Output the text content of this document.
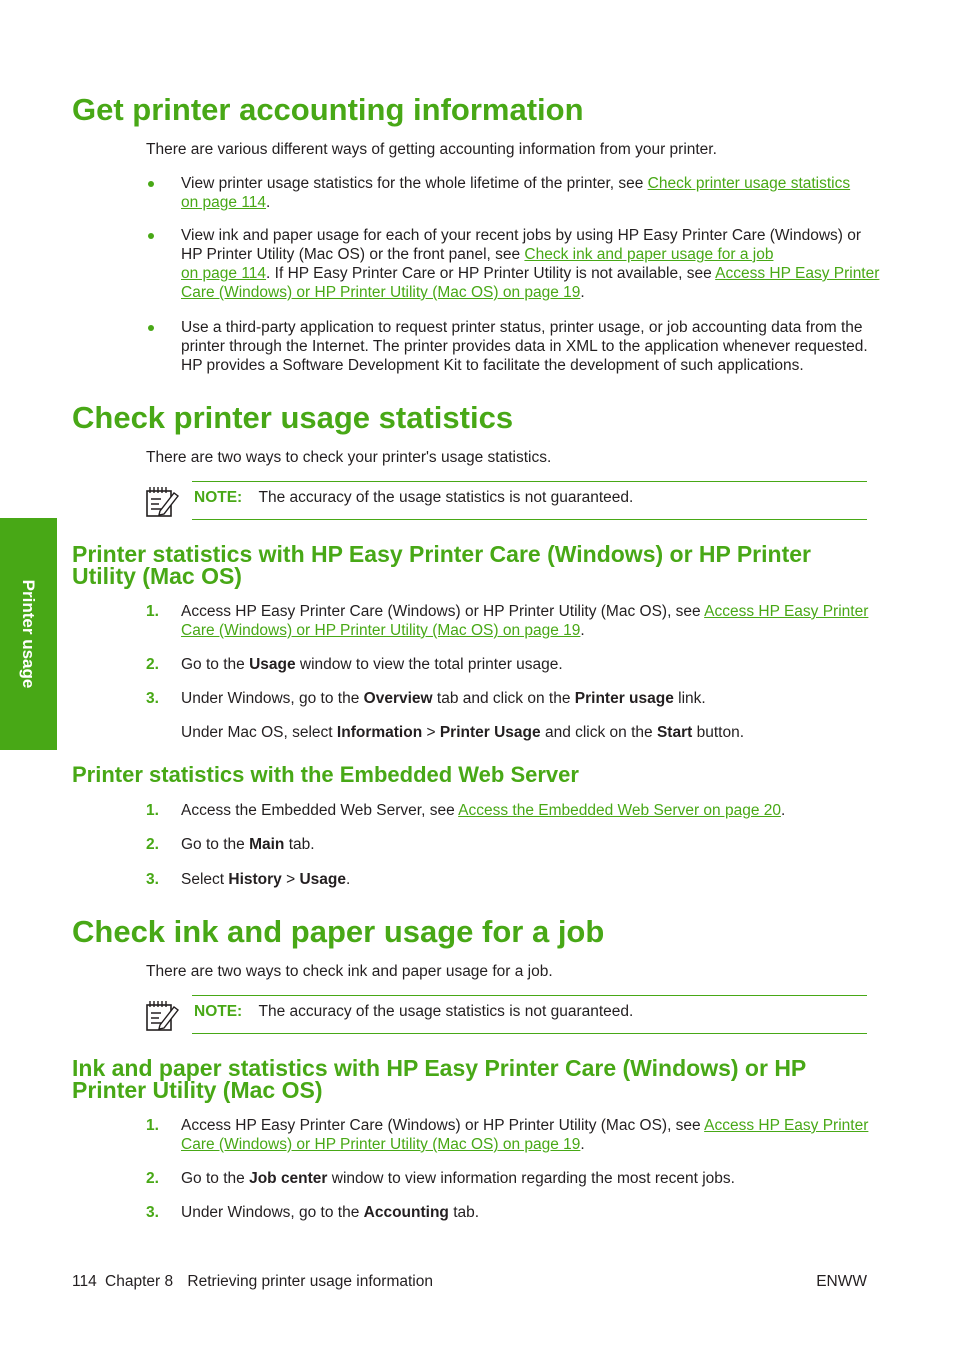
Printer usage
Get printer accounting information
There are various different ways of getting accounting information from your printer.
View printer usage statistics for the whole lifetime of the printer, see Check printer usage statistics
on page 114.
View ink and paper usage for each of your recent jobs by using HP Easy Printer Care (Windows) or
HP Printer Utility (Mac OS) or the front panel, see Check ink and paper usage for a job
on page 114. If HP Easy Printer Care or HP Printer Utility is not available, see Access HP Easy Printer
Care (Windows) or HP Printer Utility (Mac OS) on page 19.
Use a third-party application to request printer status, printer usage, or job accounting data from the
printer through the Internet. The printer provides data in XML to the application whenever requested.
HP provides a Software Development Kit to facilitate the development of such applications.
Check printer usage statistics
There are two ways to check your printer's usage statistics.
NOTE: The accuracy of the usage statistics is not guaranteed.
Printer statistics with HP Easy Printer Care (Windows) or HP Printer
Utility (Mac OS)
1. Access HP Easy Printer Care (Windows) or HP Printer Utility (Mac OS), see Access HP Easy Printer
Care (Windows) or HP Printer Utility (Mac OS) on page 19.
2. Go to the Usage window to view the total printer usage.
3. Under Windows, go to the Overview tab and click on the Printer usage link.
Under Mac OS, select Information > Printer Usage and click on the Start button.
Printer statistics with the Embedded Web Server
1. Access the Embedded Web Server, see Access the Embedded Web Server on page 20.
2. Go to the Main tab.
3. Select History > Usage.
Check ink and paper usage for a job
There are two ways to check ink and paper usage for a job.
NOTE: The accuracy of the usage statistics is not guaranteed.
Ink and paper statistics with HP Easy Printer Care (Windows) or HP
Printer Utility (Mac OS)
1. Access HP Easy Printer Care (Windows) or HP Printer Utility (Mac OS), see Access HP Easy Printer
Care (Windows) or HP Printer Utility (Mac OS) on page 19.
2. Go to the Job center window to view information regarding the most recent jobs.
3. Under Windows, go to the Accounting tab.
114 Chapter 8 Retrieving printer usage information	ENWW
